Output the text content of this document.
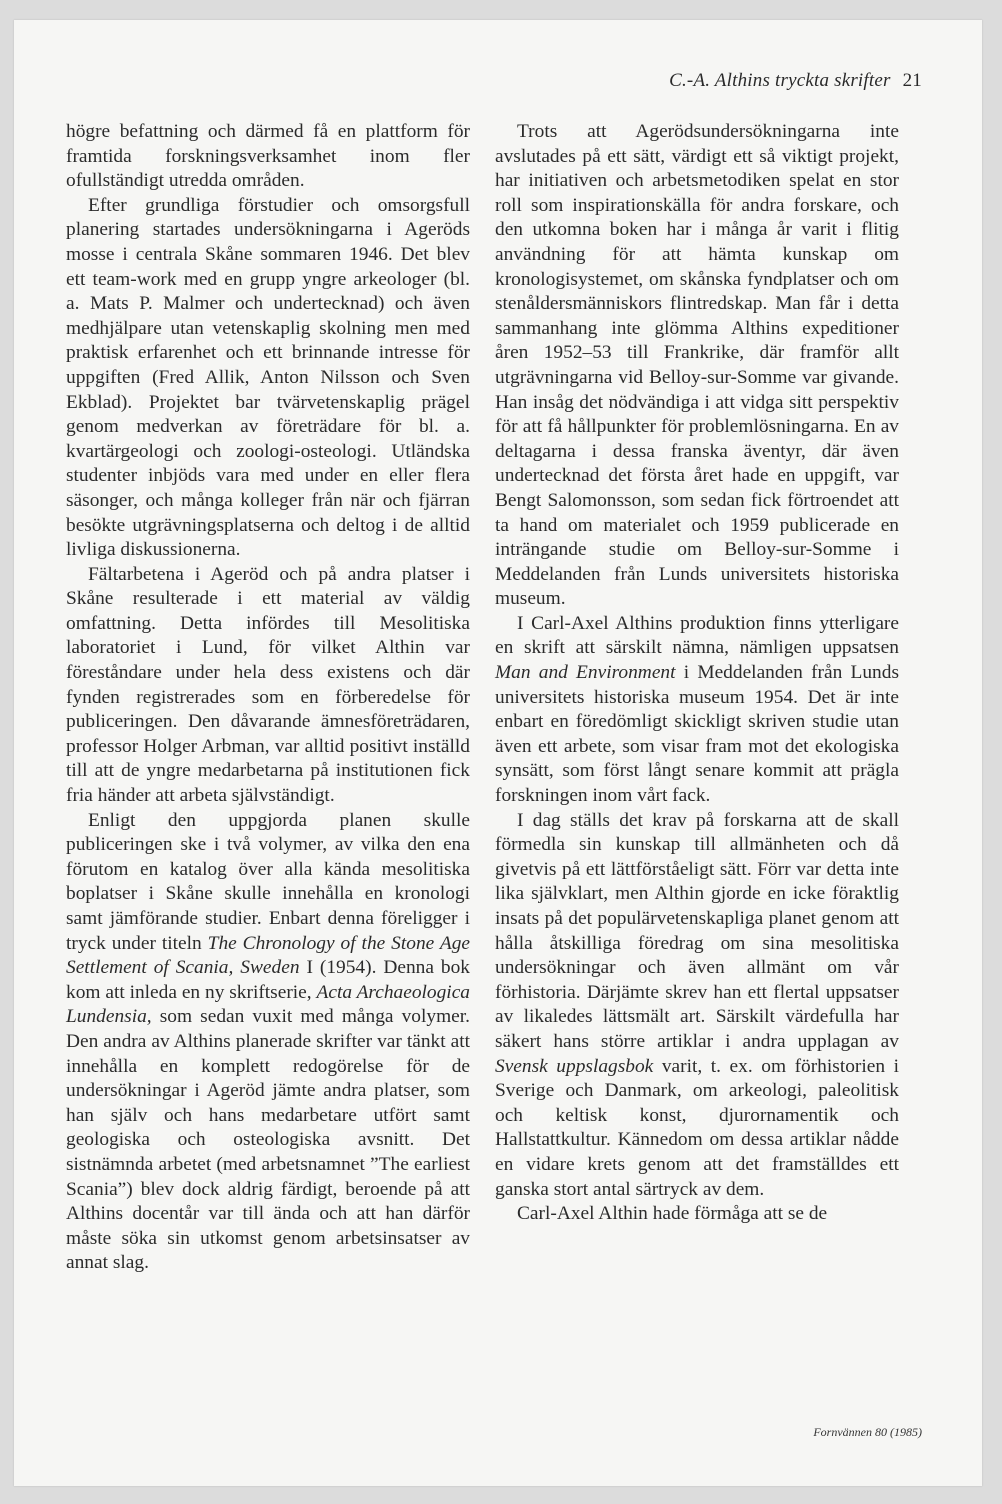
C.-A. Althins tryckta skrifter 21

högre befattning och därmed få en plattform för framtida forskningsverksamhet inom fler ofullständigt utredda områden.

Efter grundliga förstudier och omsorgsfull planering startades undersökningarna i Ageröds mosse i centrala Skåne sommaren 1946. Det blev ett team-work med en grupp yngre arkeologer (bl. a. Mats P. Malmer och undertecknad) och även medhjälpare utan vetenskaplig skolning men med praktisk erfarenhet och ett brinnande intresse för uppgiften (Fred Allik, Anton Nilsson och Sven Ekblad). Projektet bar tvärvetenskaplig prägel genom medverkan av företrädare för bl. a. kvartärgeologi och zoologi-osteologi. Utländska studenter inbjöds vara med under en eller flera säsonger, och många kolleger från när och fjärran besökte utgrävningsplatserna och deltog i de alltid livliga diskussionerna.

Fältarbetena i Ageröd och på andra platser i Skåne resulterade i ett material av väldig omfattning. Detta infördes till Mesolitiska laboratoriet i Lund, för vilket Althin var föreståndare under hela dess existens och där fynden registrerades som en förberedelse för publiceringen. Den dåvarande ämnesföreträdaren, professor Holger Arbman, var alltid positivt inställd till att de yngre medarbetarna på institutionen fick fria händer att arbeta självständigt.

Enligt den uppgjorda planen skulle publiceringen ske i två volymer, av vilka den ena förutom en katalog över alla kända mesolitiska boplatser i Skåne skulle innehålla en kronologi samt jämförande studier. Enbart denna föreligger i tryck under titeln The Chronology of the Stone Age Settlement of Scania, Sweden I (1954). Denna bok kom att inleda en ny skriftserie, Acta Archaeologica Lundensia, som sedan vuxit med många volymer. Den andra av Althins planerade skrifter var tänkt att innehålla en komplett redogörelse för de undersökningar i Ageröd jämte andra platser, som han själv och hans medarbetare utfört samt geologiska och osteologiska avsnitt. Det sistnämnda arbetet (med arbetsnamnet ”The earliest Scania”) blev dock aldrig färdigt, beroende på att Althins docentår var till ända och att han därför måste söka sin utkomst genom arbetsinsatser av annat slag.

Trots att Agerödsundersökningarna inte avslutades på ett sätt, värdigt ett så viktigt projekt, har initiativen och arbetsmetodiken spelat en stor roll som inspirationskälla för andra forskare, och den utkomna boken har i många år varit i flitig användning för att hämta kunskap om kronologisystemet, om skånska fyndplatser och om stenåldersmänniskors flintredskap. Man får i detta sammanhang inte glömma Althins expeditioner åren 1952–53 till Frankrike, där framför allt utgrävningarna vid Belloy-sur-Somme var givande. Han insåg det nödvändiga i att vidga sitt perspektiv för att få hållpunkter för problemlösningarna. En av deltagarna i dessa franska äventyr, där även undertecknad det första året hade en uppgift, var Bengt Salomonsson, som sedan fick förtroendet att ta hand om materialet och 1959 publicerade en inträngande studie om Belloy-sur-Somme i Meddelanden från Lunds universitets historiska museum.

I Carl-Axel Althins produktion finns ytterligare en skrift att särskilt nämna, nämligen uppsatsen Man and Environment i Meddelanden från Lunds universitets historiska museum 1954. Det är inte enbart en föredömligt skickligt skriven studie utan även ett arbete, som visar fram mot det ekologiska synsätt, som först långt senare kommit att prägla forskningen inom vårt fack.

I dag ställs det krav på forskarna att de skall förmedla sin kunskap till allmänheten och då givetvis på ett lättförståeligt sätt. Förr var detta inte lika självklart, men Althin gjorde en icke föraktlig insats på det populärvetenskapliga planet genom att hålla åtskilliga föredrag om sina mesolitiska undersökningar och även allmänt om vår förhistoria. Därjämte skrev han ett flertal uppsatser av likaledes lättsmält art. Särskilt värdefulla har säkert hans större artiklar i andra upplagan av Svensk uppslagsbok varit, t. ex. om förhistorien i Sverige och Danmark, om arkeologi, paleolitisk och keltisk konst, djurornamentik och Hallstattkultur. Kännedom om dessa artiklar nådde en vidare krets genom att det framställdes ett ganska stort antal särtryck av dem.

Carl-Axel Althin hade förmåga att se de

Fornvännen 80 (1985)
